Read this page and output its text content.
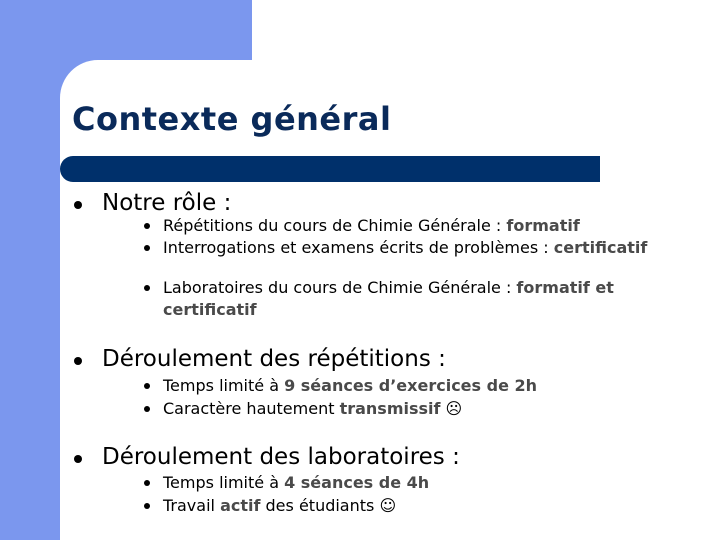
Contexte général
Notre rôle :
Répétitions du cours de Chimie Générale : formatif
Interrogations et examens écrits de problèmes : certificatif
Laboratoires du cours de Chimie Générale : formatif et certificatif
Déroulement des répétitions :
Temps limité à 9 séances d’exercices de 2h
Caractère hautement transmissif ☹
Déroulement des laboratoires :
Temps limité à 4 séances de 4h
Travail actif des étudiants ☺
